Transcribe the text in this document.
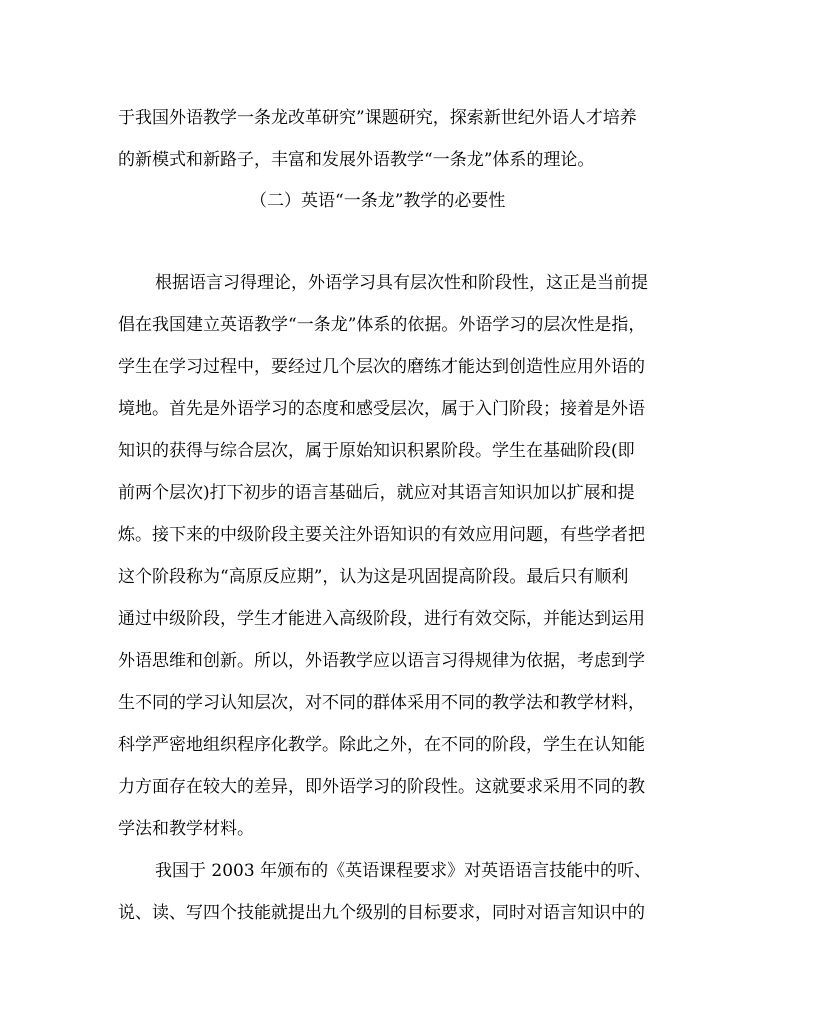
于我国外语教学一条龙改革研究”课题研究，探索新世纪外语人才培养
的新模式和新路子，丰富和发展外语教学“一条龙”体系的理论。
（二）英语“一条龙”教学的必要性
根据语言习得理论，外语学习具有层次性和阶段性，这正是当前提
倡在我国建立英语教学“一条龙”体系的依据。外语学习的层次性是指，
学生在学习过程中，要经过几个层次的磨练才能达到创造性应用外语的
境地。首先是外语学习的态度和感受层次，属于入门阶段；接着是外语
知识的获得与综合层次，属于原始知识积累阶段。学生在基础阶段(即
前两个层次)打下初步的语言基础后，就应对其语言知识加以扩展和提
炼。接下来的中级阶段主要关注外语知识的有效应用问题，有些学者把
这个阶段称为“高原反应期”，认为这是巩固提高阶段。最后只有顺利
通过中级阶段，学生才能进入高级阶段，进行有效交际，并能达到运用
外语思维和创新。所以，外语教学应以语言习得规律为依据，考虑到学
生不同的学习认知层次，对不同的群体采用不同的教学法和教学材料，
科学严密地组织程序化教学。除此之外，在不同的阶段，学生在认知能
力方面存在较大的差异，即外语学习的阶段性。这就要求采用不同的教
学法和教学材料。
我国于 2003 年颁布的《英语课程要求》对英语语言技能中的听、
说、读、写四个技能就提出九个级别的目标要求，同时对语言知识中的
